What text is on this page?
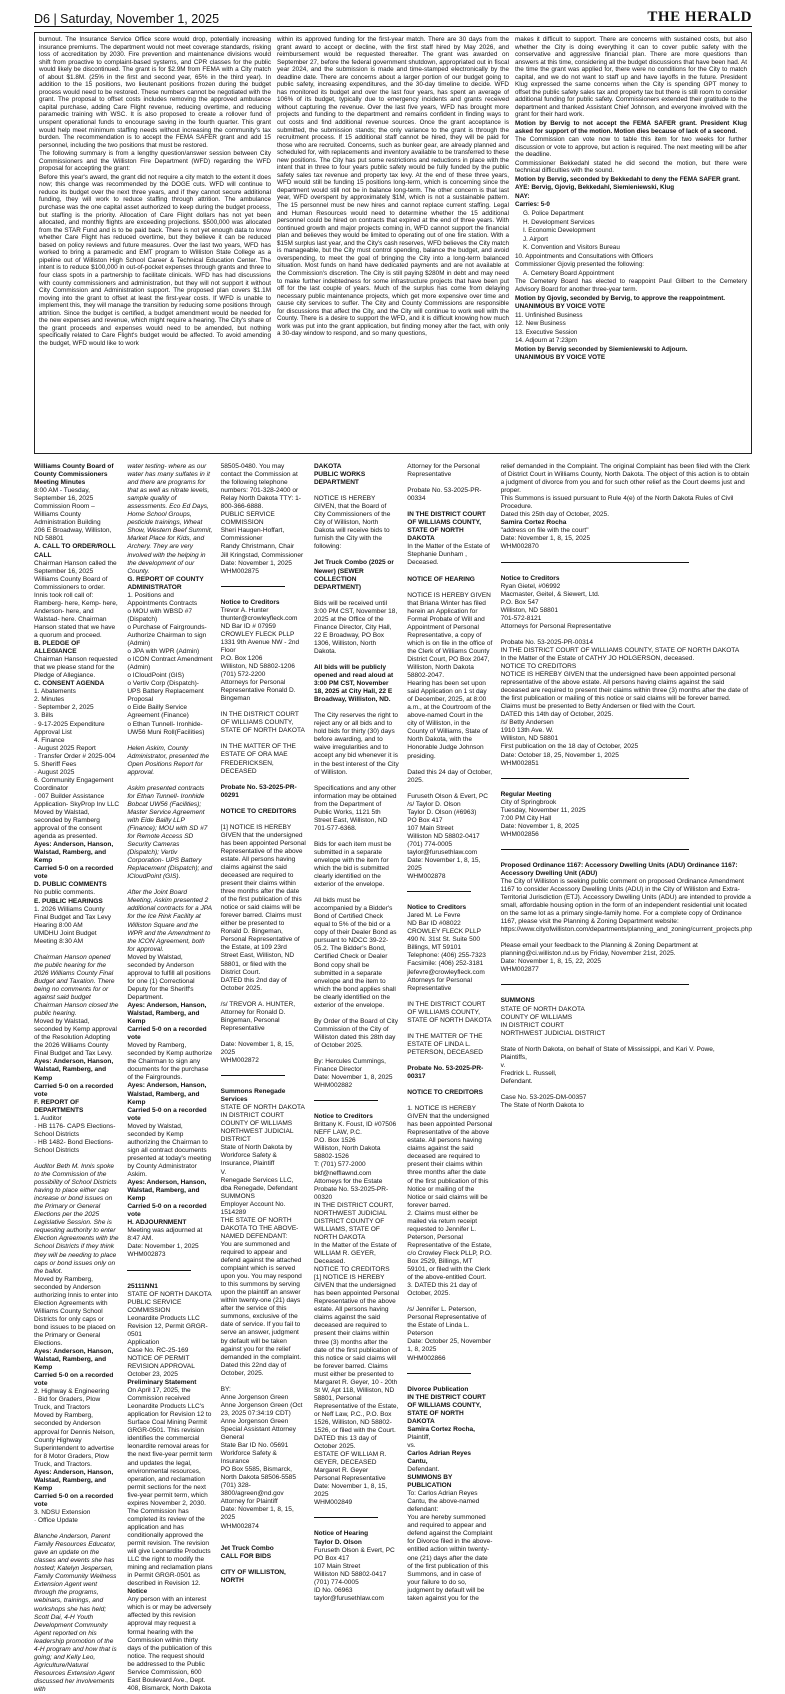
D6 | Saturday, November 1, 2025	THE HERALD

burnout. The Insurance Service Office score would drop, potentially increasing insurance premiums. The department would not meet coverage standards, risking loss of accreditation by 2030. Fire prevention and maintenance divisions would shift from proactive to complaint-based systems, and CPR classes for the public would likely be discontinued. The grant is for $2.9M from FEMA with a City match of about $1.8M. (25% in the first and second year, 65% in the third year). In addition to the 15 positions, two lieutenant positions frozen during the budget process would need to be restored. These numbers cannot be negotiated with the grant. The proposal to offset costs includes removing the approved ambulance capital purchase, adding Care Flight revenue, reducing overtime, and reducing paramedic training with WSC. It is also proposed to create a rollover fund of unspent operational funds to encourage saving in the fourth quarter. This grant would help meet minimum staffing needs without increasing the community's tax burden. The recommendation is to accept the FEMA SAFER grant and add 15 personnel, including the two positions that must be restored.

The following summary is from a lengthy question/answer session between City Commissioners and the Williston Fire Department (WFD) regarding the WFD proposal for accepting the grant:

Before this year's award, the grant did not require a city match to the extent it does now; this change was recommended by the DOGE cuts. WFD will continue to reduce its budget over the next three years, and if they cannot secure additional funding, they will work to reduce staffing through attrition. The ambulance purchase was the one capital asset authorized to keep during the budget process, but staffing is the priority. Allocation of Care Flight dollars has not yet been allocated, and monthly flights are exceeding projections. $500,000 was allocated from the STAR Fund and is to be paid back. There is not yet enough data to know whether Care Flight has reduced overtime, but they believe it can be reduced based on policy reviews and future measures. Over the last two years, WFD has worked to bring a paramedic and EMT program to Williston State College as a pipeline out of Williston High School Career & Technical Education Center. The intent is to reduce $100,000 in out-of-pocket expenses through grants and three to four class spots in a partnership to facilitate clinicals. WFD has had discussions with county commissioners and administration, but they will not support it without City Commission and Administration support. The proposed plan covers $1.1M moving into the grant to offset at least the first-year costs. If WFD is unable to implement this, they will manage the transition by reducing some positions through attrition. Since the budget is certified, a budget amendment would be needed for the new expenses and revenue, which might require a hearing. The City's share of the grant proceeds and expenses would need to be amended, but nothing specifically related to Care Flight's budget would be affected. To avoid amending the budget, WFD would like to work

within its approved funding for the first-year match. There are 30 days from the grant award to accept or decline, with the first staff hired by May 2026, and reimbursement would be requested thereafter. The grant was awarded on September 27, before the federal government shutdown, appropriated out in fiscal year 2024, and the submission is made and time-stamped electronically by the deadline date. There are concerns about a larger portion of our budget going to public safety, increasing expenditures, and the 30-day timeline to decide. WFD has monitored its budget and over the last four years, has spent an average of 106% of its budget, typically due to emergency incidents and grants received without capturing the revenue. Over the last five years, WFD has brought more projects and funding to the department and remains confident in finding ways to cut costs and find additional revenue sources. Once the grant acceptance is submitted, the submission stands; the only variance to the grant is through the recruitment process. If 15 additional staff cannot be hired, they will be paid for those who are recruited. Concerns, such as bunker gear, are already planned and scheduled for, with replacements and inventory available to be transferred to these new positions. The City has put some restrictions and reductions in place with the intent that in three to four years public safety would be fully funded by the public safety sales tax revenue and property tax levy. At the end of these three years, WFD would still be funding 15 positions long-term, which is concerning since the department would still not be in balance long-term. The other concern is that last year, WFD overspent by approximately $1M, which is not a sustainable pattern. The 15 personnel must be new hires and cannot replace current staffing. Legal and Human Resources would need to determine whether the 15 additional personnel could be hired on contracts that expired at the end of three years. With continued growth and major projects coming in, WFD cannot support the financial plan and believes they would be limited to operating out of one fire station. With a $15M surplus last year, and the City's cash reserves, WFD believes the City match is manageable, but the City must control spending, balance the budget, and avoid overspending, to meet the goal of bringing the City into a long-term balanced situation. Most funds on hand have dedicated payments and are not available at the Commission's discretion. The City is still paying $280M in debt and may need to make further indebtedness for some infrastructure projects that have been put off for the last couple of years. Much of the surplus has come from delaying necessary public maintenance projects, which get more expensive over time and cause city services to suffer. The City and County Commissions are responsible for discussions that affect the City, and the City will continue to work well with the County. There is a desire to support the WFD, and it is difficult knowing how much work was put into the grant application, but finding money after the fact, with only a 30-day window to respond, and so many questions,

makes it difficult to support. There are concerns with sustained costs, but also whether the City is doing everything it can to cover public safety with the conservative and aggressive financial plan. There are more questions than answers at this time, considering all the budget discussions that have been had. At the time the grant was applied for, there were no conditions for the City to match capital, and we do not want to staff up and have layoffs in the future. President Klug expressed the same concerns when the City is spending GPT money to offset the public safety sales tax and property tax but there is still room to consider additional funding for public safety. Commissioners extended their gratitude to the department and thanked Assistant Chief Johnson, and everyone involved with the grant for their hard work.

Motion by Bervig to not accept the FEMA SAFER grant. President Klug asked for support of the motion. Motion dies because of lack of a second.

The Commission can vote now to table this item for two weeks for further discussion or vote to approve, but action is required. The next meeting will be after the deadline.

Commissioner Bekkedahl stated he did second the motion, but there were technical difficulties with the sound.

Motion by Bervig, seconded by Bekkedahl to deny the FEMA SAFER grant.

AYE: Bervig, Gjovig, Bekkedahl, Siemieniewski, Klug

NAY:

Carries: 5-0

G. Police Department

H. Development Services

I. Economic Development

J. Airport

K. Convention and Visitors Bureau

10. Appointments and Consultations with Officers

Commissioner Gjovig presented the following:

A. Cemetery Board Appointment

The Cemetery Board has elected to reappoint Paul Gilbert to the Cemetery Advisory Board for another three-year term.

Motion by Gjovig, seconded by Bervig, to approve the reappointment.

UNANIMOUS BY VOICE VOTE

11. Unfinished Business

12. New Business

13. Executive Session

14. Adjourn at 7:23pm

Motion by Bervig seconded by Siemieniewski to Adjourn.

UNANIMOUS BY VOICE VOTE

Williams County Board of County Commissioners Meeting Minutes

8:00 AM - Tuesday, September 16, 2025

Commission Room – Williams County Administration Building

206 E Broadway, Williston, ND 58801

A. CALL TO ORDER/ROLL CALL

Chairman Hanson called the September 16, 2025 Williams County Board of Commissioners to order. Innis took roll call of: Ramberg- here, Kemp- here, Anderson- here, and Walstad- here. Chairman Hanson stated that we have a quorum and proceed.

B. PLEDGE OF ALLEGIANCE

Chairman Hanson requested that we please stand for the Pledge of Allegiance.

C. CONSENT AGENDA

1. Abatements

2. Minutes

· September 2, 2025

3. Bills

· 9-17-2025 Expenditure Approval List

4. Finance

· August 2025 Report

· Transfer Order # 2025-004

5. Sheriff Fees

· August 2025

6. Community Engagement Coordinator

· 007 Builder Assistance Application- SkyProp Inv LLC

Moved by Walstad, seconded by Ramberg approval of the consent agenda as presented.

Ayes: Anderson, Hanson, Walstad, Ramberg, and Kemp

Carried 5-0 on a recorded vote

D. PUBLIC COMMENTS

No public comments.

E. PUBLIC HEARINGS

1. 2026 Williams County Final Budget and Tax Levy Hearing 8:00 AM

UMDHU Joint Budget Meeting 8:30 AM

Chairman Hanson opened the public hearing for the 2026 Williams County Final Budget and Taxation. There being no comments for or against said budget Chairman Hanson closed the public hearing.

Moved by Walstad, seconded by Kemp approval of the Resolution Adopting the 2026 Williams County Final Budget and Tax Levy.

Ayes: Anderson, Hanson, Walstad, Ramberg, and Kemp

Carried 5-0 on a recorded vote

F. REPORT OF DEPARTMENTS

1. Auditor

· HB 1176- CAPS Elections- School Districts

· HB 1482- Bond Elections- School Districts

Auditor Beth M. Innis spoke to the Commission of the possibility of School Districts having to place either cap increase or bond issues on the Primary or General Elections per the 2025 Legislative Session. She is requesting authority to enter Election Agreements with the School Districts if they think they will be needing to place caps or bond issues only on the ballot.

Moved by Ramberg, seconded by Anderson authorizing Innis to enter into Election Agreements with Williams County School Districts for only caps or bond issues to be placed on the Primary or General Elections.

Ayes: Anderson, Hanson, Walstad, Ramberg, and Kemp

Carried 5-0 on a recorded vote

2. Highway & Engineering

· Bid for Graders, Plow Truck, and Tractors

Moved by Ramberg, seconded by Anderson approval for Dennis Nelson, County Highway Superintendent to advertise for 8 Motor Graders, Plow Truck, and Tractors.

Ayes: Anderson, Hanson, Walstad, Ramberg, and Kemp

Carried 5-0 on a recorded vote

3. NDSU Extension

· Office Update

Blanche Anderson, Parent Family Resources Educator, gave an update on the classes and events she has hosted; Katelyn Jespersen, Family Community Wellness Extension Agent went through the programs, webinars, trainings, and workshops she has held; Scott Dai, 4-H Youth Development Community Agent reported on his leadership promotion of the 4-H program and how that is going; and Kelly Leo, Agriculture/Natural Resources Extension Agent discussed her involvements with

water testing- where as our water has many sulfates in it and there are programs for that as well as nitrate levels, sample quality of assessments. Eco Ed Days, Home School Groups, pesticide trainings, Wheat Show, Western Beef Summit, Market Place for Kids, and Archery. They are very involved with the helping in the development of our County.

G. REPORT OF COUNTY ADMINISTRATOR

1. Positions and Appointments Contracts

o MOU with WBSD #7 (Dispatch)

o Purchase of Fairgrounds- Authorize Chairman to sign (Admin)

o JPA with WPR (Admin)

o ICON Contract Amendment (Admin)

o ICloudPoint (GIS)

o Vertiv Corp (Dispatch)- UPS Battery Replacement Proposal

o Eide Bailly Service Agreement (Finance)

o Ethan Tunnell- Ironhide- UW56 Muni Roll(Facilities)

Helen Askim, County Administrator, presented the Open Positions Report for approval.

Askim presented contracts for Ethan Tunnell- Ironhide Bobcat UW56 (Facilities); Master Service Agreement with Eide Bailly LLP (Finance); MOU with SD #7 for Remote Access SD Security Cameras (Dispatch); Vertiv Corporation- UPS Battery Replacement (Dispatch); and ICloudPoint (GIS).

After the Joint Board Meeting, Askim presented 2 additional contracts for a JPA for the Ice Rink Facility at Williston Square and the WPR and the Amendment to the ICON Agreement, both for approval.

Moved by Walstad, seconded by Anderson approval to fulfill all positions for one (1) Correctional Deputy for the Sheriff's Department.

Ayes: Anderson, Hanson, Walstad, Ramberg, and Kemp

Carried 5-0 on a recorded vote

Moved by Ramberg, seconded by Kemp authorize the Chairman to sign any documents for the purchase of the Fairgrounds.

Ayes: Anderson, Hanson, Walstad, Ramberg, and Kemp

Carried 5-0 on a recorded vote

Moved by Walstad, seconded by Kemp authorizing the Chairman to sign all contract documents presented at today's meeting by County Administrator Askim.

Ayes: Anderson, Hanson, Walstad, Ramberg, and Kemp

Carried 5-0 on a recorded vote

H. ADJOURNMENT

Meeting was adjourned at 8:47 AM.

Date: November 1, 2025

WHM002873

25111NN1

STATE OF NORTH DAKOTA

PUBLIC SERVICE COMMISSION

Leonardite Products LLC

Revision 12, Permit GRGR-0501

Application

Case No. RC-25-169

NOTICE OF PERMIT REVISION APPROVAL

October 23, 2025

Preliminary Statement

On April 17, 2025, the Commission received Leonardite Products LLC's application for Revision 12 to Surface Coal Mining Permit GRGR-0501. This revision identifies the commercial leonardite removal areas for the next five-year permit term and updates the legal, environmental resources, operation, and reclamation permit sections for the next five-year permit term, which expires November 2, 2030.

The Commission has completed its review of the application and has conditionally approved the permit revision. The revision will give Leonardite Products LLC the right to modify the mining and reclamation plans in Permit GRGR-0501 as described in Revision 12.

Notice

Any person with an interest which is or may be adversely affected by this revision approval may request a formal hearing with the Commission within thirty days of the publication of this notice. The request should be addressed to the Public Service Commission, 600 East Boulevard Ave., Dept. 408, Bismarck, North Dakota

58505-0480. You may contact the Commission at the following telephone numbers: 701-328-2400 or Relay North Dakota TTY: 1-800-366-6888.

PUBLIC SERVICE COMMISSION

Sheri Haugen-Hoffart, Commissioner

Randy Christmann, Chair

Jill Kringstad, Commissioner

Date: November 1, 2025

WHM002875

Notice to Creditors

Trevor A. Hunter

thunter@crowleyfleck.com

ND Bar ID # 07959

CROWLEY FLECK PLLP

1331 9th Avenue NW - 2nd Floor

P.O. Box 1206

Williston, ND 58802-1206

(701) 572-2200

Attorneys for Personal Representative Ronald D. Bingeman

IN THE DISTRICT COURT OF WILLIAMS COUNTY, STATE OF NORTH DAKOTA

IN THE MATTER OF THE ESTATE OF ORA MAE FREDERICKSEN, DECEASED

Probate No. 53-2025-PR-00291

NOTICE TO CREDITORS

[1] NOTICE IS HEREBY GIVEN that the undersigned has been appointed Personal Representative of the above estate. All persons having claims against the said deceased are required to present their claims within three months after the date of the first publication of this notice or said claims will be forever barred. Claims must either be presented to Ronald D. Bingeman, Personal Representative of the Estate, at 109 23rd Street East, Williston, ND 58801, or filed with the District Court.

DATED this 2nd day of October 2025.

/s/ TREVOR A. HUNTER, Attorney for Ronald D. Bingeman, Personal Representative

Date: November 1, 8, 15, 2025

WHM002872

Summons Renegade Services

STATE OF NORTH DAKOTA IN DISTRICT COURT

COUNTY OF WILLIAMS NORTHWEST JUDICIAL DISTRICT

State of North Dakota by Workforce Safety & Insurance, Plaintiff

V.

Renegade Services LLC, dba Renegade, Defendant

SUMMONS

Employer Account No. 1514289

THE STATE OF NORTH DAKOTA TO THE ABOVE-NAMED DEFENDANT:

You are summoned and required to appear and defend against the attached complaint which is served upon you. You may respond to this summons by serving upon the plaintiff an answer within twenty-one (21) days after the service of this summons, exclusive of the date of service. If you fail to serve an answer, judgment by default will be taken against you for the relief demanded in the complaint.

Dated this 22nd day of October, 2025.

BY:

Anne Jorgenson Green

Anne Jorgenson Green (Oct 23, 2025 07:34:19 CDT) Anne Jorgenson Green

Special Assistant Attorney General

State Bar ID No. 05691

Workforce Safety & Insurance

PO Box 5585, Bismarck, North Dakota 58506-5585

(701) 328-3800/agreen@nd.gov

Attorney for Plaintiff

Date: November 1, 8, 15, 2025

WHM002874

Jet Truck Combo

CALL FOR BIDS

CITY OF WILLISTON, NORTH

DAKOTA

PUBLIC WORKS DEPARTMENT

NOTICE IS HEREBY GIVEN, that the Board of City Commissioners of the City of Williston, North Dakota will receive bids to furnish the City with the following:

Jet Truck Combo (2025 or Newer) (SEWER COLLECTION DEPARTMENT)

Bids will be received until 3:00 PM CST, November 18, 2025 at the Office of the Finance Director, City Hall, 22 E Broadway, PO Box 1306, Williston, North Dakota.

All bids will be publicly opened and read aloud at 3:00 PM CST, November 18, 2025 at City Hall, 22 E Broadway, Williston, ND.

The City reserves the right to reject any or all bids and to hold bids for thirty (30) days before awarding, and to waive irregularities and to accept any bid whenever it is in the best interest of the City of Williston.

Specifications and any other information may be obtained from the Department of Public Works, 1121 5th Street East, Williston, ND 701-577-6368.

Bids for each item must be submitted in a separate envelope with the item for which the bid is submitted clearly identified on the exterior of the envelope.

All bids must be accompanied by a Bidder's Bond of Certified Check equal to 5% of the bid or a copy of their Dealer Bond as pursuant to NDCC 39-22-05.2. The Bidder's Bond, Certified Check or Dealer Bond copy shall be submitted in a separate envelope and the item to which the bond applies shall be clearly identified on the exterior of the envelope.

By Order of the Board of City Commission of the City of Williston dated this 28th day of October 2025.

By: Hercules Cummings, Finance Director

Date: November 1, 8, 2025

WHM002882

Notice to Creditors

Brittany K. Foust, ID #07506

NEFF LAW, P.C.

P.O. Box 1526

Williston, North Dakota 58802-1526

T: (701) 577-2000

bkf@nefflawnd.com

Attorneys for the Estate

Probate No. 53-2025-PR-00320

IN THE DISTRICT COURT, NORTHWEST JUDICIAL DISTRICT COUNTY OF WILLIAMS, STATE OF NORTH DAKOTA

In the Matter of the Estate of WILLIAM R. GEYER, Deceased.

NOTICE TO CREDITORS

[1] NOTICE IS HEREBY GIVEN that the undersigned has been appointed Personal Representative of the above estate. All persons having claims against the said deceased are required to present their claims within three (3) months after the date of the first publication of this notice or said claims will be forever barred. Claims must either be presented to Margaret R. Geyer, 10 - 20th St W, Apt 118, Williston, ND 58801, Personal Representative of the Estate, or Neff Law, P.C., P.O. Box 1526, Williston, ND 58802-1526, or filed with the Court.

DATED this 13 day of October 2025.

ESTATE OF WILLIAM R. GEYER, DECEASED

Margaret R. Geyer

Personal Representative

Date: November 1, 8, 15, 2025

WHM002849

Notice of Hearing

Taylor D. Olson

Furuseth Olson & Evert, PC

PO Box 417

107 Main Street

Williston ND 58802-0417

(701) 774-0005

ID No. 06963

taylor@furusethlaw.com

Attorney for the Personal Representative

Probate No. 53-2025-PR-00334

IN THE DISTRICT COURT OF WILLIAMS COUNTY, STATE OF NORTH DAKOTA

In the Matter of the Estate of Stephanie Dunham , Deceased.

NOTICE OF HEARING

NOTICE IS HEREBY GIVEN that Briana Winter has filed herein an Application for Formal Probate of Will and Appointment of Personal Representative, a copy of which is on file in the office of the Clerk of Williams County District Court, PO Box 2047, Williston, North Dakota 58802-2047.

Hearing has been set upon said Application on 1 st day of December, 2025, at 8:00 a.m., at the Courtroom of the above-named Court in the city of Williston, in the County of Williams, State of North Dakota, with the Honorable Judge Johnson presiding.

Dated this 24 day of October, 2025.

Furuseth Olson & Evert, PC

/s/ Taylor D. Olson

Taylor D. Olson (#6963)

PO Box 417

107 Main Street

Williston ND 58802-0417

(701) 774-0005

taylor@furusethlaw.com

Date: November 1, 8, 15, 2025

WHM002878

Notice to Creditors

Jared M. Le Fevre

ND Bar ID #08022

CROWLEY FLECK PLLP

490 N. 31st St. Suite 500

Billings, MT 59101

Telephone: (406) 255-7323

Facsimile: (406) 252-3181

jlefevre@crowleyfleck.com

Attorneys for Personal Representative

IN THE DISTRICT COURT OF WILLIAMS COUNTY, STATE OF NORTH DAKOTA

IN THE MATTER OF THE ESTATE OF LINDA L. PETERSON, DECEASED

Probate No. 53-2025-PR-00317

NOTICE TO CREDITORS

1. NOTICE IS HEREBY GIVEN that the undersigned has been appointed Personal Representative of the above estate. All persons having claims against the said deceased are required to present their claims within three months after the date of the first publication of this Notice or mailing of the Notice or said claims will be forever barred.

2. Claims must either be mailed via return receipt requested to Jennifer L. Peterson, Personal Representative of the Estate, c/o Crowley Fleck PLLP, P.O. Box 2529, Billings, MT 59101, or filed with the Clerk of the above-entitled Court.

3. DATED this 21 day of October, 2025.

/s/ Jennifer L. Peterson, Personal Representative of the Estate of Linda L. Peterson

Date: October 25, November 1, 8, 2025

WHM002866

Divorce Publication

IN THE DISTRICT COURT OF WILLIAMS COUNTY, STATE OF NORTH DAKOTA

Samira Cortez Rocha,

Plaintiff,

vs.

Carlos Adrian Reyes Cantu,

Defendant.

SUMMONS BY PUBLICATION

To: Carlos Adrian Reyes Cantu, the above-named defendant:

You are hereby summoned and required to appear and defend against the Complaint for Divorce filed in the above-entitled action within twenty-one (21) days after the date of the first publication of this Summons, and in case of your failure to do so, judgment by default will be taken against you for the

relief demanded in the Complaint. The original Complaint has been filed with the Clerk of District Court in Williams County, North Dakota. The object of this action is to obtain a judgment of divorce from you and for such other relief as the Court deems just and proper.

This Summons is issued pursuant to Rule 4(e) of the North Dakota Rules of Civil Procedure.

Dated this 25th day of October, 2025.

Samira Cortez Rocha

"address on file with the court"

Date: November 1, 8, 15, 2025

WHM002870

Notice to Creditors

Ryan Gietel, #06992

Macmaster, Geitel, & Siewert, Ltd.

P.O. Box 547

Williston, ND 58801

701-572-8121

Attorneys for Personal Representative

Probate No. 53-2025-PR-00314

IN THE DISTRICT COURT OF WILLIAMS COUNTY, STATE OF NORTH DAKOTA

In the Matter of the Estate of CATHY JO HOLGERSON, deceased.

NOTICE TO CREDITORS

NOTICE IS HEREBY GIVEN that the undersigned have been appointed personal representative of the above estate. All persons having claims against the said deceased are required to present their claims within three (3) months after the date of the first publication or mailing of this notice or said claims will be forever barred. Claims must be presented to Betty Andersen or filed with the Court.

DATED this 14th day of October, 2025.

/s/ Betty Andersen

1910 13th Ave. W.

Williston, ND 58801

First publication on the 18 day of October, 2025

Date: October 18, 25, November 1, 2025

WHM002851

Regular Meeting

City of Springbrook

Tuesday, November 11, 2025

7:00 PM City Hall

Date: November 1, 8, 2025

WHM002856

Proposed Ordinance 1167: Accessory Dwelling Units (ADU) Ordinance 1167: Accessory Dwelling Unit (ADU)

The City of Williston is seeking public comment on proposed Ordinance Amendment 1167 to consider Accessory Dwelling Units (ADU) in the City of Williston and Extra-Territorial Jurisdiction (ETJ). Accessory Dwelling Units (ADU) are intended to provide a small, affordable housing option in the form of an independent residential unit located on the same lot as a primary single-family home. For a complete copy of Ordinance 1167, please visit the Planning & Zoning Department website: https://www.cityofwilliston.com/departments/planning_and_zoning/current_projects.php

Please email your feedback to the Planning & Zoning Department at planning@ci.williston.nd.us by Friday, November 21st, 2025.

Date: November 1, 8, 15, 22, 2025

WHM002877

SUMMONS

STATE OF NORTH DAKOTA

COUNTY OF WILLIAMS

IN DISTRICT COURT

NORTHWEST JUDICIAL DISTRICT

State of North Dakota, on behalf of State of Mississippi, and Kari V. Powe,

Plaintiffs,

v.

Fredrick L. Russell,

Defendant.

Case No. 53-2025-DM-00357

The State of North Dakota to
